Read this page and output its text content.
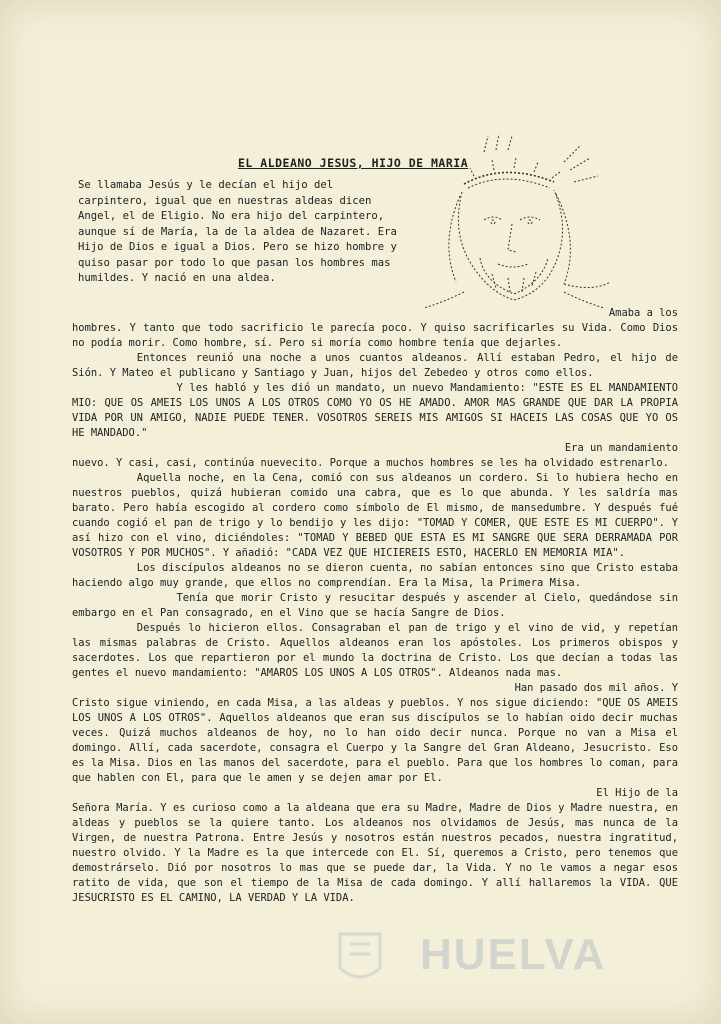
EL ALDEANO JESUS, HIJO DE MARIA
Se llamaba Jesús y le decían el hijo del carpintero, igual que en nuestras aldeas dicen Angel, el de Eligio. No era hijo del carpintero, aunque sí de María, la de la aldea de Nazaret. Era Hijo de Dios e igual a Dios. Pero se hizo hombre y quiso pasar por todo lo que pasan los hombres mas humildes. Y nació en una aldea.

Amaba a los

hombres. Y tanto que todo sacrificio le parecía poco. Y quiso sacrificarles su Vida. Como Dios no podía morir. Como hombre, sí. Pero si moría como hombre tenía que dejarles.

Entonces reunió una noche a unos cuantos aldeanos. Allí estaban Pedro, el hijo de Sión. Y Mateo el publicano y Santiago y Juan, hijos del Zebedeo y otros como ellos.

Y les habló y les dió un mandato, un nuevo Mandamiento: "ESTE ES EL MANDAMIENTO MIO: QUE OS AMEIS LOS UNOS A LOS OTROS COMO YO OS HE AMADO. AMOR MAS GRANDE QUE DAR LA PROPIA VIDA POR UN AMIGO, NADIE PUEDE TENER. VOSOTROS SEREIS MIS AMIGOS SI HACEIS LAS COSAS QUE YO OS HE MANDADO."

Era un mandamiento

nuevo. Y casi, casi, continúa nuevecito. Porque a muchos hombres se les ha olvidado estrenarlo.

Aquella noche, en la Cena, comió con sus aldeanos un cordero. Si lo hubiera hecho en nuestros pueblos, quizá hubieran comido una cabra, que es lo que abunda. Y les saldría mas barato. Pero había escogido al cordero como símbolo de El mismo, de mansedumbre. Y después fué cuando cogió el pan de trigo y lo bendijo y les dijo: "TOMAD Y COMER, QUE ESTE ES MI CUERPO". Y así hizo con el vino, diciéndoles: "TOMAD Y BEBED QUE ESTA ES MI SANGRE QUE SERA DERRAMADA POR VOSOTROS Y POR MUCHOS". Y añadió: "CADA VEZ QUE HICIEREIS ESTO, HACERLO EN MEMORIA MIA".

Los discípulos aldeanos no se dieron cuenta, no sabían entonces sino que Cristo estaba haciendo algo muy grande, que ellos no comprendían. Era la Misa, la Primera Misa.

Tenía que morir Cristo y resucitar después y ascender al Cielo, quedándose sin embargo en el Pan consagrado, en el Vino que se hacía Sangre de Dios.

Después lo hicieron ellos. Consagraban el pan de trigo y el vino de vid, y repetían las mismas palabras de Cristo. Aquellos aldeanos eran los apóstoles. Los primeros obispos y sacerdotes. Los que repartieron por el mundo la doctrina de Cristo. Los que decían a todas las gentes el nuevo mandamiento: "AMAROS LOS UNOS A LOS OTROS". Aldeanos nada mas.

Han pasado dos mil años. Y

Cristo sigue viniendo, en cada Misa, a las aldeas y pueblos. Y nos sigue diciendo: "QUE OS AMEIS LOS UNOS A LOS OTROS". Aquellos aldeanos que eran sus discípulos se lo habían oido decir muchas veces. Quizá muchos aldeanos de hoy, no lo han oido decir nunca. Porque no van a Misa el domingo. Allí, cada sacerdote, consagra el Cuerpo y la Sangre del Gran Aldeano, Jesucristo. Eso es la Misa. Dios en las manos del sacerdote, para el pueblo. Para que los hombres lo coman, para que hablen con El, para que le amen y se dejen amar por El.

El Hijo de la

Señora María. Y es curioso como a la aldeana que era su Madre, Madre de Dios y Madre nuestra, en aldeas y pueblos se la quiere tanto. Los aldeanos nos olvidamos de Jesús, mas nunca de la Virgen, de nuestra Patrona. Entre Jesús y nosotros están nuestros pecados, nuestra ingratitud, nuestro olvido. Y la Madre es la que intercede con El. Sí, queremos a Cristo, pero tenemos que demostrárselo. Dió por nosotros lo mas que se puede dar, la Vida. Y no le vamos a negar esos ratito de vida, que son el tiempo de la Misa de cada domingo. Y allí hallaremos la VIDA. QUE JESUCRISTO ES EL CAMINO, LA VERDAD Y LA VIDA.

HUELVA
